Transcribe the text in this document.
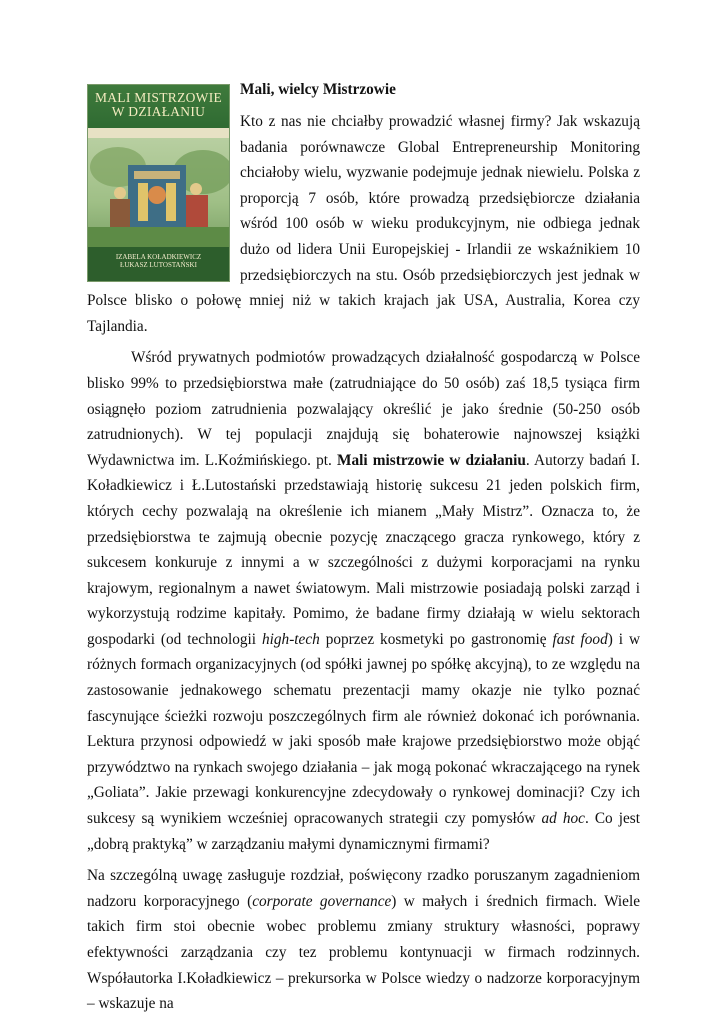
MALI MISTRZOWIE
W DZIAŁANIU
IZABELA KOŁADKIEWICZ
ŁUKASZ LUTOSTAŃSKI
Mali, wielcy Mistrzowie

Kto z nas nie chciałby prowadzić własnej firmy? Jak wskazują badania porównawcze Global Entrepreneurship Monitoring chciałoby wielu, wyzwanie podejmuje jednak niewielu. Polska z proporcją 7 osób, które prowadzą przedsiębiorcze działania wśród 100 osób w wieku produkcyjnym, nie odbiega jednak dużo od lidera Unii Europejskiej - Irlandii ze wskaźnikiem 10 przedsiębiorczych na stu. Osób przedsiębiorczych jest jednak w Polsce blisko o połowę mniej niż w takich krajach jak USA, Australia, Korea czy Tajlandia.

Wśród prywatnych podmiotów prowadzących działalność gospodarczą w Polsce blisko 99% to przedsiębiorstwa małe (zatrudniające do 50 osób) zaś 18,5 tysiąca firm osiągnęło poziom zatrudnienia pozwalający określić je jako średnie (50-250 osób zatrudnionych). W tej populacji znajdują się bohaterowie najnowszej książki Wydawnictwa im. L.Koźmińskiego. pt. Mali mistrzowie w działaniu. Autorzy badań I. Koładkiewicz i Ł.Lutostański przedstawiają historię sukcesu 21 jeden polskich firm, których cechy pozwalają na określenie ich mianem „Mały Mistrz”. Oznacza to, że przedsiębiorstwa te zajmują obecnie pozycję znaczącego gracza rynkowego, który z sukcesem konkuruje z innymi a w szczególności z dużymi korporacjami na rynku krajowym, regionalnym a nawet światowym. Mali mistrzowie posiadają polski zarząd i wykorzystują rodzime kapitały. Pomimo, że badane firmy działają w wielu sektorach gospodarki (od technologii high-tech poprzez kosmetyki po gastronomię fast food) i w różnych formach organizacyjnych (od spółki jawnej po spółkę akcyjną), to ze względu na zastosowanie jednakowego schematu prezentacji mamy okazje nie tylko poznać fascynujące ścieżki rozwoju poszczególnych firm ale również dokonać ich porównania. Lektura przynosi odpowiedź w jaki sposób małe krajowe przedsiębiorstwo może objąć przywództwo na rynkach swojego działania – jak mogą pokonać wkraczającego na rynek „Goliata”. Jakie przewagi konkurencyjne zdecydowały o rynkowej dominacji? Czy ich sukcesy są wynikiem wcześniej opracowanych strategii czy pomysłów ad hoc. Co jest „dobrą praktyką” w zarządzaniu małymi dynamicznymi firmami?

Na szczególną uwagę zasługuje rozdział, poświęcony rzadko poruszanym zagadnieniom nadzoru korporacyjnego (corporate governance) w małych i średnich firmach. Wiele takich firm stoi obecnie wobec problemu zmiany struktury własności, poprawy efektywności zarządzania czy tez problemu kontynuacji w firmach rodzinnych. Współautorka I.Koładkiewicz – prekursorka w Polsce wiedzy o nadzorze korporacyjnym – wskazuje na
